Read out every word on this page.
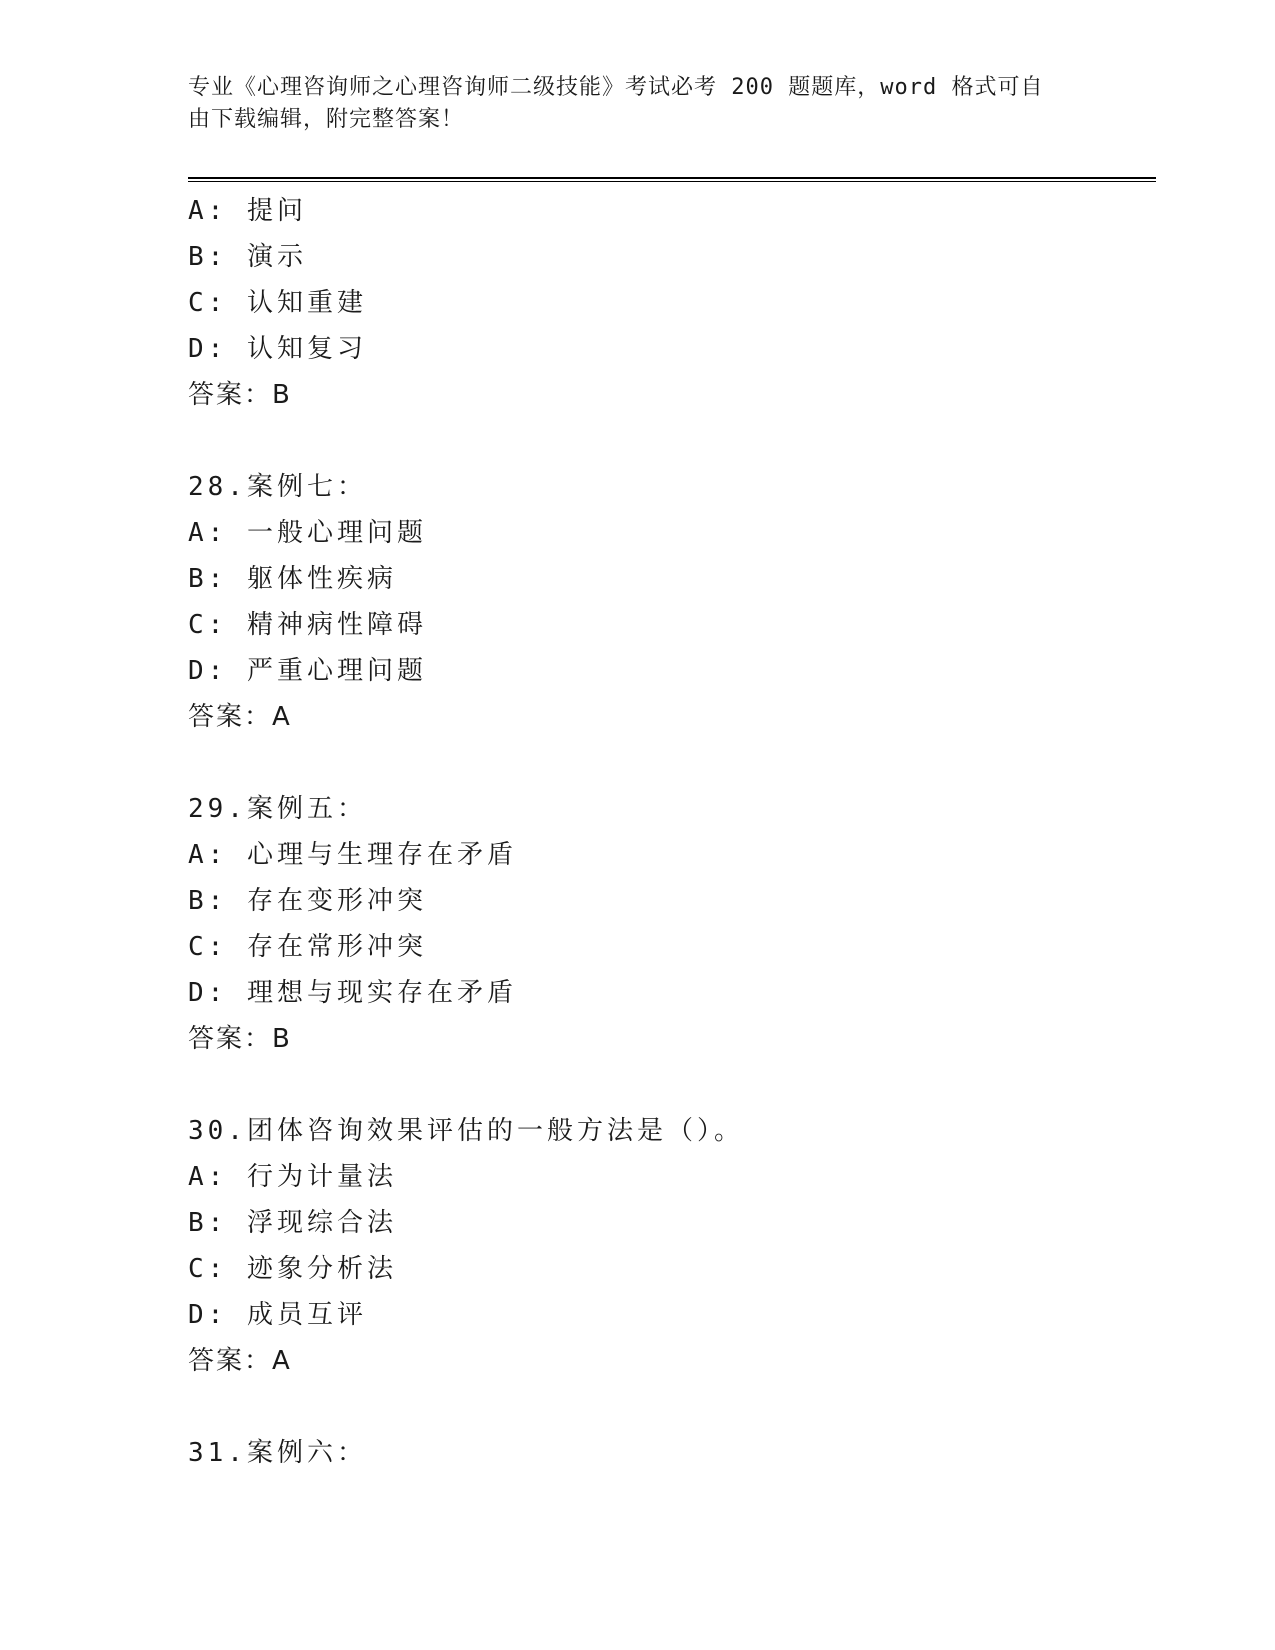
专业《心理咨询师之心理咨询师二级技能》考试必考 200 题题库，word 格式可自
由下载编辑，附完整答案！
A: 提问
B: 演示
C: 认知重建
D: 认知复习
答案：B
28.案例七：
A: 一般心理问题
B: 躯体性疾病
C: 精神病性障碍
D: 严重心理问题
答案：A
29.案例五：
A: 心理与生理存在矛盾
B: 存在变形冲突
C: 存在常形冲突
D: 理想与现实存在矛盾
答案：B
30.团体咨询效果评估的一般方法是（）。
A: 行为计量法
B: 浮现综合法
C: 迹象分析法
D: 成员互评
答案：A
31.案例六：
